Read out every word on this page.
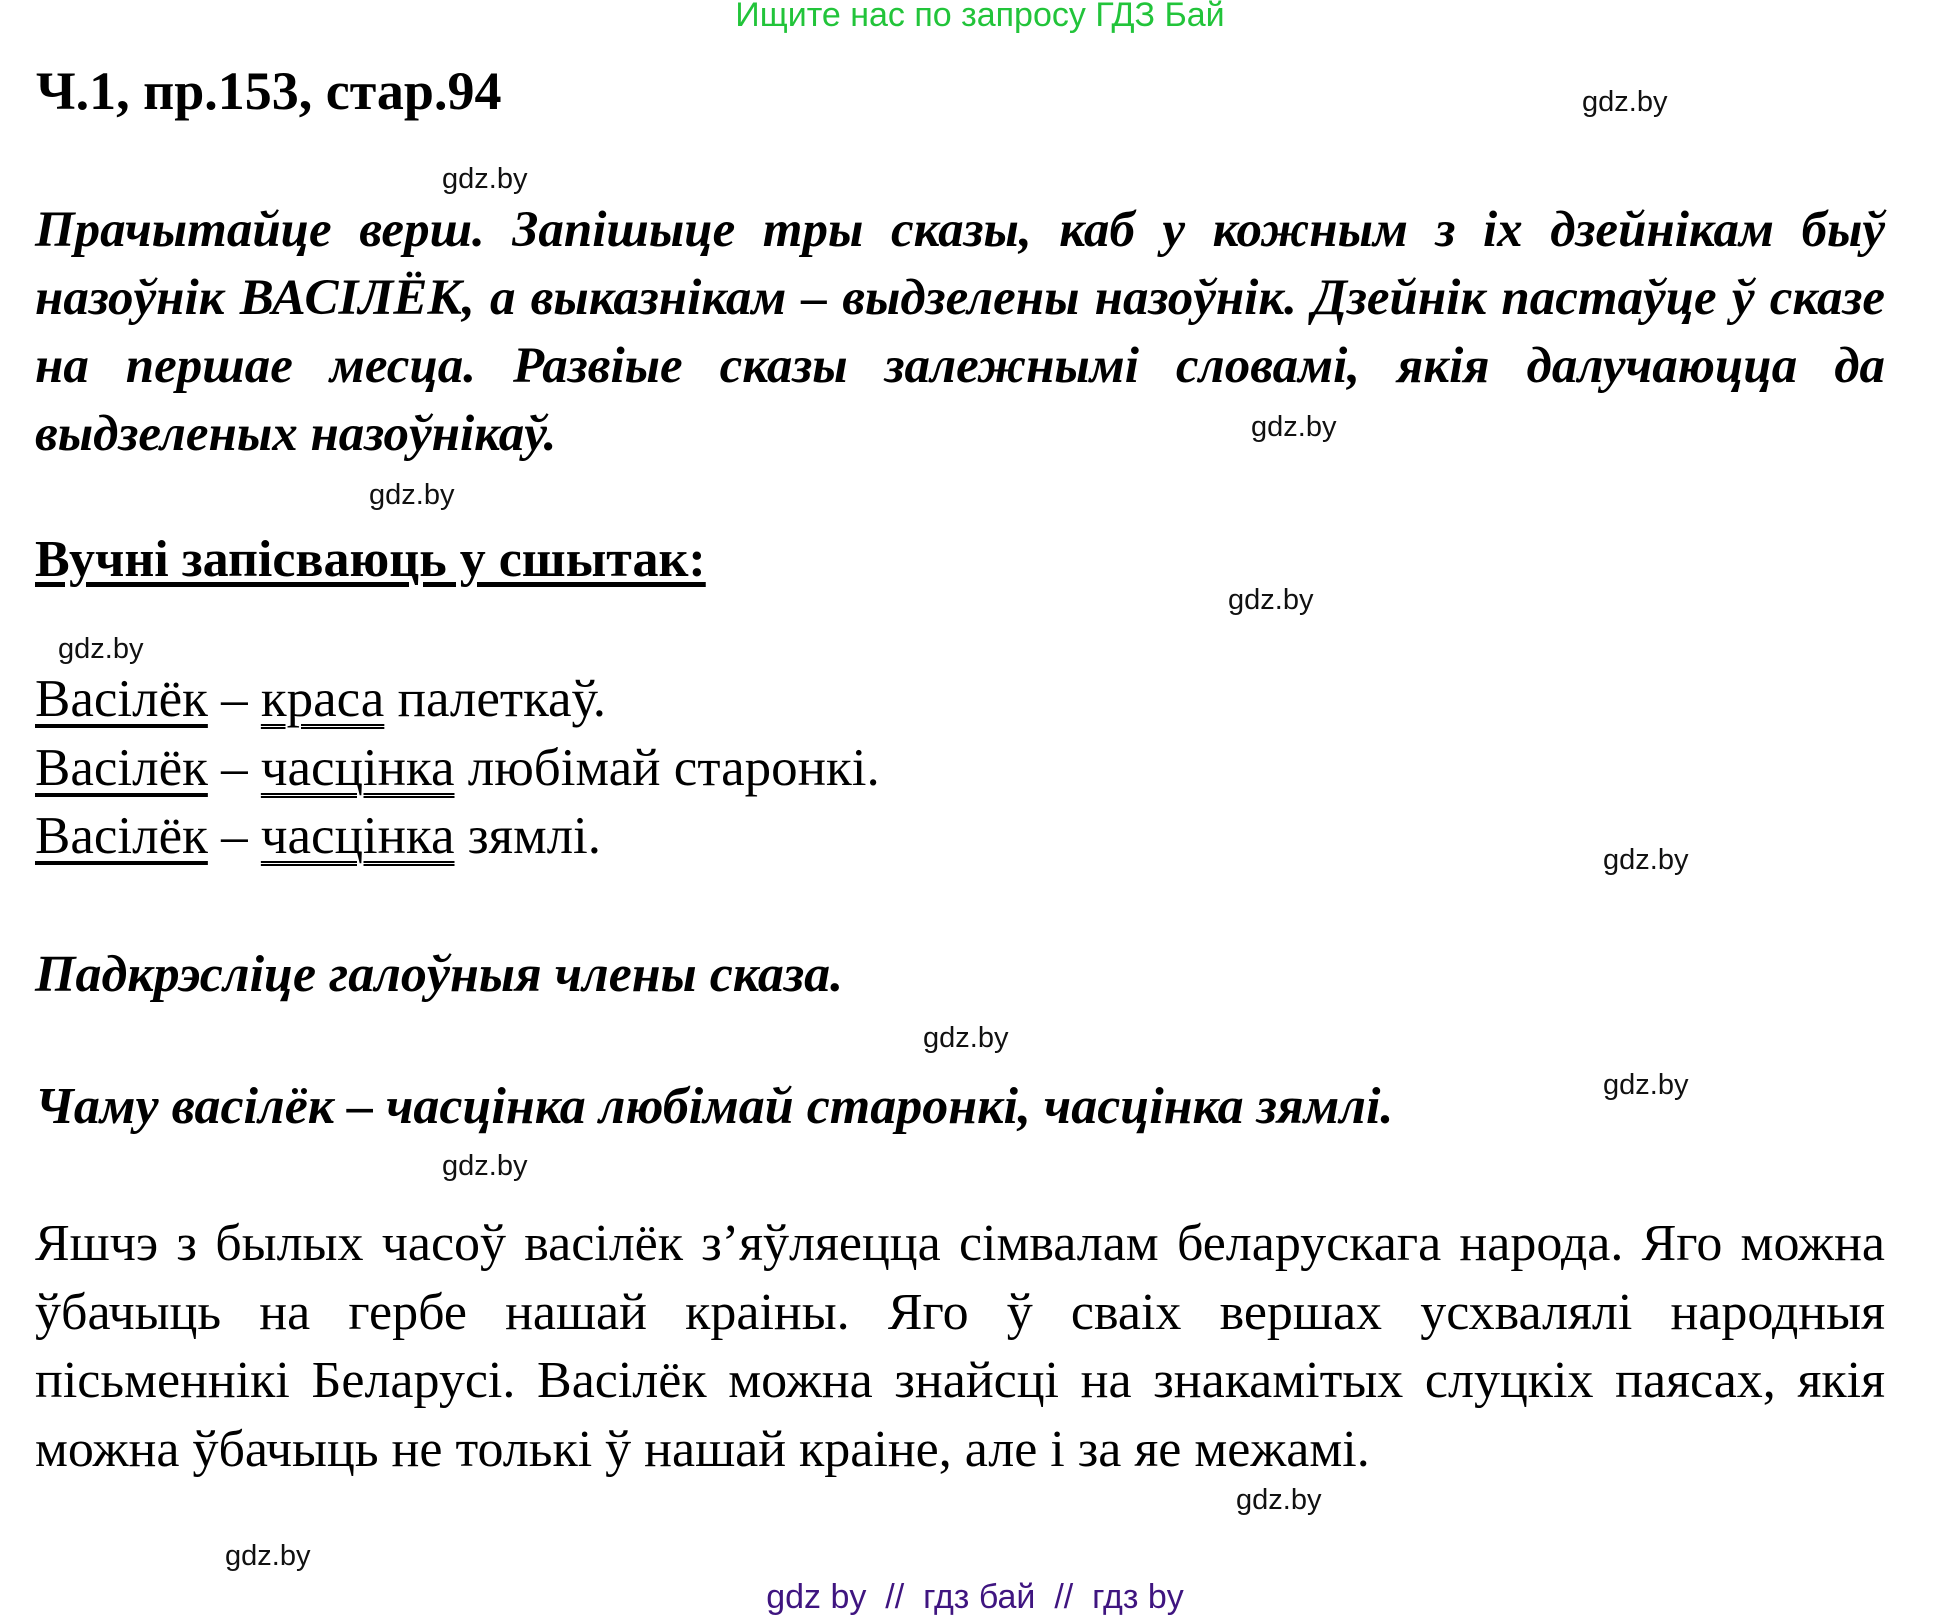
Ищите нас по запросу ГДЗ Бай
Ч.1, пр.153, стар.94	gdz.by
gdz.by
Прачытайце верш. Запішыце тры сказы, каб у кожным з іх дзейнікам быў назоўнік ВАСІЛЁК, а выказнікам – выдзелены назоўнік. Дзейнік пастаўце ў сказе на першае месца. Развіые сказы залежнымі словамі, якія далучаюцца да выдзеленых назоўнікаў.	gdz.by
gdz.by
Вучні запісваюць у сшытак:
gdz.by
gdz.by
Васілёк – краса палеткаў.
Васілёк – часцінка любімай старонкі.
Васілёк – часцінка зямлі.	gdz.by
Падкрэсліце галоўныя члены сказа.
gdz.by
gdz.by
Чаму васілёк – часцінка любімай старонкі, часцінка зямлі.
gdz.by
Яшчэ з былых часоў васілёк з’яўляецца сімвалам беларускага народа. Яго можна ўбачыць на гербе нашай краіны. Яго ў сваіх вершах усхвалялі народныя пісьменнікі Беларусі. Васілёк можна знайсці на знакамітых слуцкіх паясах, якія можна ўбачыць не толькі ў нашай краіне, але і за яе межамі.
gdz.by
gdz.by
gdz by  //  гдз бай  //  гдз by
